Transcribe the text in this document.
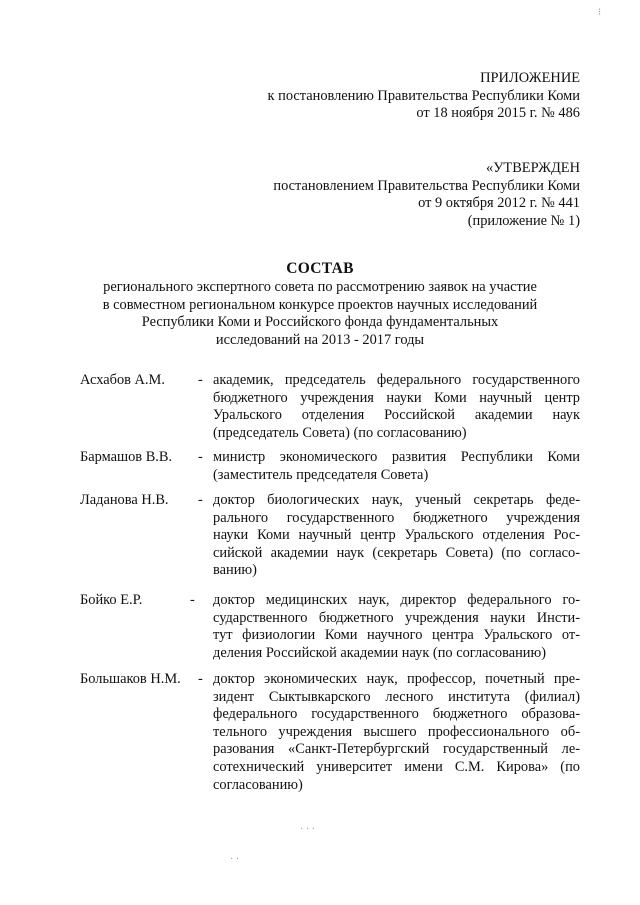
ПРИЛОЖЕНИЕ
к постановлению Правительства Республики Коми
от 18 ноября 2015 г. № 486
«УТВЕРЖДЕН
постановлением Правительства Республики Коми
от 9 октября 2012 г. № 441
(приложение № 1)
СОСТАВ
регионального экспертного совета по рассмотрению заявок на участие
в совместном региональном конкурсе проектов научных исследований
Республики Коми и Российского фонда фундаментальных
исследований на 2013 - 2017 годы
Асхабов А.М. - академик, председатель федерального государственного
бюджетного учреждения науки Коми научный центр
Уральского отделения Российской академии наук
(председатель Совета) (по согласованию)
Бармашов В.В. - министр экономического развития Республики Коми
(заместитель председателя Совета)
Ладанова Н.В. - доктор биологических наук, ученый секретарь феде-
рального государственного бюджетного учреждения
науки Коми научный центр Уральского отделения Рос-
сийской академии наук (секретарь Совета) (по согласо-
ванию)
Бойко Е.Р.	- доктор медицинских наук, директор федерального го-
сударственного бюджетного учреждения науки Инсти-
тут физиологии Коми научного центра Уральского от-
деления Российской академии наук (по согласованию)
Большаков Н.М. - доктор экономических наук, профессор, почетный пре-
зидент Сыктывкарского лесного института (филиал)
федерального государственного бюджетного образова-
тельного учреждения высшего профессионального об-
разования «Санкт-Петербургский государственный ле-
сотехнический университет имени С.М. Кирова» (по
согласованию)
⁝
· · ·
· ·
